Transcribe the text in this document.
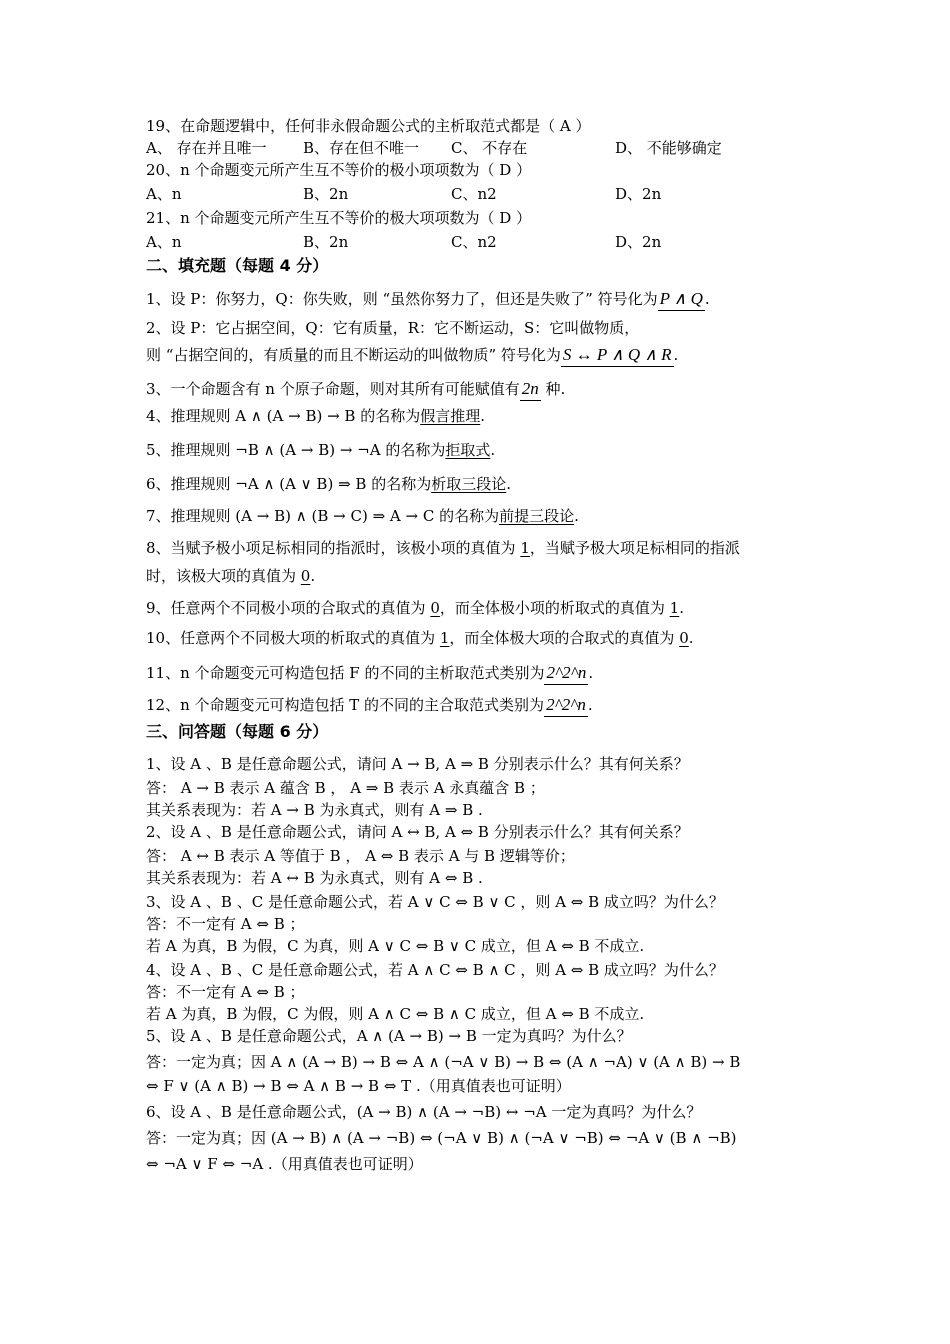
19、在命题逻辑中，任何非永假命题公式的主析取范式都是（ A ）
A、 存在并且唯一 B、存在但不唯一 C、 不存在	D、 不能够确定
20、n 个命题变元所产生互不等价的极小项项数为（ D ）
A、n	B、2n	C、n2	D、2n
21、n 个命题变元所产生互不等价的极大项项数为（ D ）
A、n	B、2n	C、n2	D、2n
二、填充题（每题 4 分）
1、设 P：你努力，Q：你失败，则 “虽然你努力了，但还是失败了” 符号化为 P ∧ Q .
2、设 P：它占据空间，Q：它有质量，R：它不断运动，S：它叫做物质，
则 “占据空间的，有质量的而且不断运动的叫做物质” 符号化为 S ↔ P ∧ Q ∧ R .
3、一个命题含有 n 个原子命题，则对其所有可能赋值有 2n 种.
4、推理规则 A ∧ (A → B) → B 的名称为假言推理.
5、推理规则 ¬B ∧ (A → B) → ¬A 的名称为拒取式.
6、推理规则 ¬A ∧ (A ∨ B) ⇒ B 的名称为析取三段论.
7、推理规则 (A → B) ∧ (B → C) ⇒ A → C 的名称为前提三段论.
8、当赋予极小项足标相同的指派时，该极小项的真值为 1，当赋予极大项足标相同的指派
时，该极大项的真值为 0.
9、任意两个不同极小项的合取式的真值为 0，而全体极小项的析取式的真值为 1.
10、任意两个不同极大项的析取式的真值为 1，而全体极大项的合取式的真值为 0.
11、n 个命题变元可构造包括 F 的不同的主析取范式类别为 2^2^n .
12、n 个命题变元可构造包括 T 的不同的主合取范式类别为 2^2^n .
三、问答题（每题 6 分）
1、设 A 、B 是任意命题公式，请问 A → B, A ⇒ B 分别表示什么？其有何关系？
答： A → B 表示 A 蕴含 B ， A ⇒ B 表示 A 永真蕴含 B ；
其关系表现为：若 A → B 为永真式，则有 A ⇒ B .
2、设 A 、B 是任意命题公式，请问 A ↔ B, A ⇔ B 分别表示什么？其有何关系？
答： A ↔ B 表示 A 等值于 B ， A ⇔ B 表示 A 与 B 逻辑等价；
其关系表现为：若 A ↔ B 为永真式，则有 A ⇔ B .
3、设 A 、B 、C 是任意命题公式，若 A ∨ C ⇔ B ∨ C ，则 A ⇔ B 成立吗？为什么？
答：不一定有 A ⇔ B ；
若 A 为真，B 为假，C 为真，则 A ∨ C ⇔ B ∨ C 成立，但 A ⇔ B 不成立.
4、设 A 、B 、C 是任意命题公式，若 A ∧ C ⇔ B ∧ C ，则 A ⇔ B 成立吗？为什么？
答：不一定有 A ⇔ B ；
若 A 为真，B 为假，C 为假，则 A ∧ C ⇔ B ∧ C 成立，但 A ⇔ B 不成立.
5、设 A 、B 是任意命题公式，A ∧ (A → B) → B 一定为真吗？为什么？
答：一定为真；因 A ∧ (A → B) → B ⇔ A ∧ (¬A ∨ B) → B ⇔ (A ∧ ¬A) ∨ (A ∧ B) → B
⇔ F ∨ (A ∧ B) → B ⇔ A ∧ B → B ⇔ T .（用真值表也可证明）
6、设 A 、B 是任意命题公式，(A → B) ∧ (A → ¬B) ↔ ¬A 一定为真吗？为什么？
答：一定为真；因 (A → B) ∧ (A → ¬B) ⇔ (¬A ∨ B) ∧ (¬A ∨ ¬B) ⇔ ¬A ∨ (B ∧ ¬B)
⇔ ¬A ∨ F ⇔ ¬A .（用真值表也可证明）
